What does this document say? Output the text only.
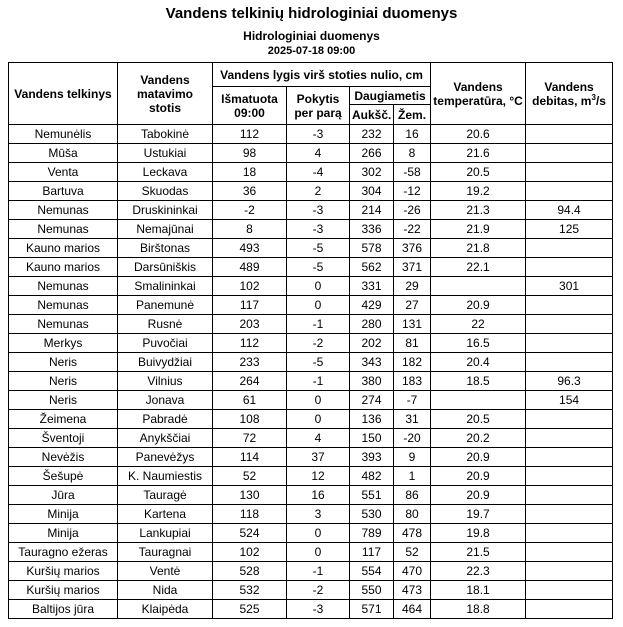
Vandens telkinių hidrologiniai duomenys
Hidrologiniai duomenys
2025-07-18 09:00
Vandens telkinys	Vandens matavimo stotis	Vandens lygis virš stoties nulio, cm				Vandens temperatūra, °C	Vandens debitas, $m^3/s$
		Išmatuota 09:00	Pokytis per parą	Daugiametis			
				Aukšč.	Žem.		
Nemunėlis	Tabokinė	112	-3	232	16	20.6	
Mūša	Ustukiai	98	4	266	8	21.6	
Venta	Leckava	18	-4	302	-58	20.5	
Bartuva	Skuodas	36	2	304	-12	19.2	
Nemunas	Druskininkai	-2	-3	214	-26	21.3	94.4
Nemunas	Nemajūnai	8	-3	336	-22	21.9	125
Kauno marios	Birštonas	493	-5	578	376	21.8	
Kauno marios	Darsūniškis	489	-5	562	371	22.1	
Nemunas	Smalininkai	102	0	331	29		301
Nemunas	Panemunė	117	0	429	27	20.9	
Nemunas	Rusnė	203	-1	280	131	22	
Merkys	Puvočiai	112	-2	202	81	16.5	
Neris	Buivydžiai	233	-5	343	182	20.4	
Neris	Vilnius	264	-1	380	183	18.5	96.3
Neris	Jonava	61	0	274	-7		154
Žeimena	Pabradė	108	0	136	31	20.5	
Šventoji	Anykščiai	72	4	150	-20	20.2	
Nevėžis	Panevėžys	114	37	393	9	20.9	
Šešupė	K. Naumiestis	52	12	482	1	20.9	
Jūra	Tauragė	130	16	551	86	20.9	
Minija	Kartena	118	3	530	80	19.7	
Minija	Lankupiai	524	0	789	478	19.8	
Tauragno ežeras	Tauragnai	102	0	117	52	21.5	
Kuršių marios	Ventė	528	-1	554	470	22.3	
Kuršių marios	Nida	532	-2	550	473	18.1	
Baltijos jūra	Klaipėda	525	-3	571	464	18.8	
